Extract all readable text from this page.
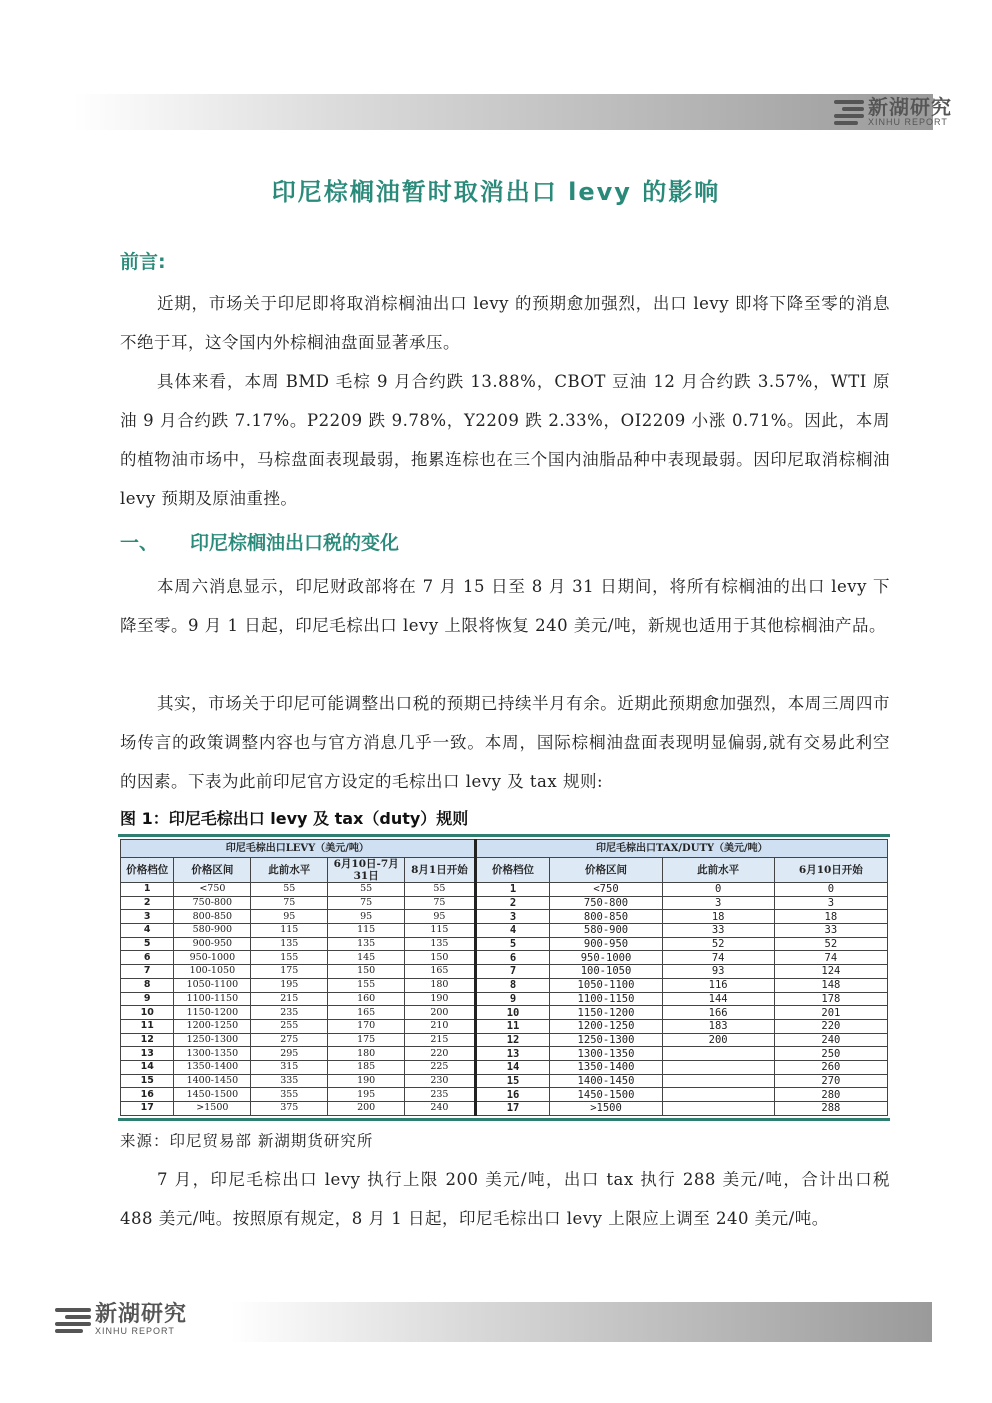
新湖研究
XINHU REPORT
印尼棕榈油暂时取消出口 levy 的影响
前言:
近期，市场关于印尼即将取消棕榈油出口 levy 的预期愈加强烈，出口 levy 即将下降至零的消息不绝于耳，这令国内外棕榈油盘面显著承压。
具体来看，本周 BMD 毛棕 9 月合约跌 13.88%，CBOT 豆油 12 月合约跌 3.57%，WTI 原油 9 月合约跌 7.17%。P2209 跌 9.78%，Y2209 跌 2.33%，OI2209 小涨 0.71%。因此，本周的植物油市场中，马棕盘面表现最弱，拖累连棕也在三个国内油脂品种中表现最弱。因印尼取消棕榈油 levy 预期及原油重挫。
一、 印尼棕榈油出口税的变化
本周六消息显示，印尼财政部将在 7 月 15 日至 8 月 31 日期间，将所有棕榈油的出口 levy 下降至零。9 月 1 日起，印尼毛棕出口 levy 上限将恢复 240 美元/吨，新规也适用于其他棕榈油产品。
其实，市场关于印尼可能调整出口税的预期已持续半月有余。近期此预期愈加强烈，本周三周四市场传言的政策调整内容也与官方消息几乎一致。本周，国际棕榈油盘面表现明显偏弱,就有交易此利空的因素。下表为此前印尼官方设定的毛棕出口 levy 及 tax 规则:
图 1：印尼毛棕出口 levy 及 tax（duty）规则
印尼毛棕出口LEVY（美元/吨）					印尼毛棕出口TAX/DUTY（美元/吨）			
价格档位	价格区间	此前水平	6月10日-7月31日	8月1日开始	价格档位	价格区间	此前水平	6月10日开始
1	<750	55	55	55	1	<750	0	0
2	750-800	75	75	75	2	750-800	3	3
3	800-850	95	95	95	3	800-850	18	18
4	580-900	115	115	115	4	580-900	33	33
5	900-950	135	135	135	5	900-950	52	52
6	950-1000	155	145	150	6	950-1000	74	74
7	100-1050	175	150	165	7	100-1050	93	124
8	1050-1100	195	155	180	8	1050-1100	116	148
9	1100-1150	215	160	190	9	1100-1150	144	178
10	1150-1200	235	165	200	10	1150-1200	166	201
11	1200-1250	255	170	210	11	1200-1250	183	220
12	1250-1300	275	175	215	12	1250-1300	200	240
13	1300-1350	295	180	220	13	1300-1350		250
14	1350-1400	315	185	225	14	1350-1400		260
15	1400-1450	335	190	230	15	1400-1450		270
16	1450-1500	355	195	235	16	1450-1500		280
17	>1500	375	200	240	17	>1500		288
来源：印尼贸易部 新湖期货研究所
7 月，印尼毛棕出口 levy 执行上限 200 美元/吨，出口 tax 执行 288 美元/吨，合计出口税 488 美元/吨。按照原有规定，8 月 1 日起，印尼毛棕出口 levy 上限应上调至 240 美元/吨。
新湖研究
XINHU REPORT
